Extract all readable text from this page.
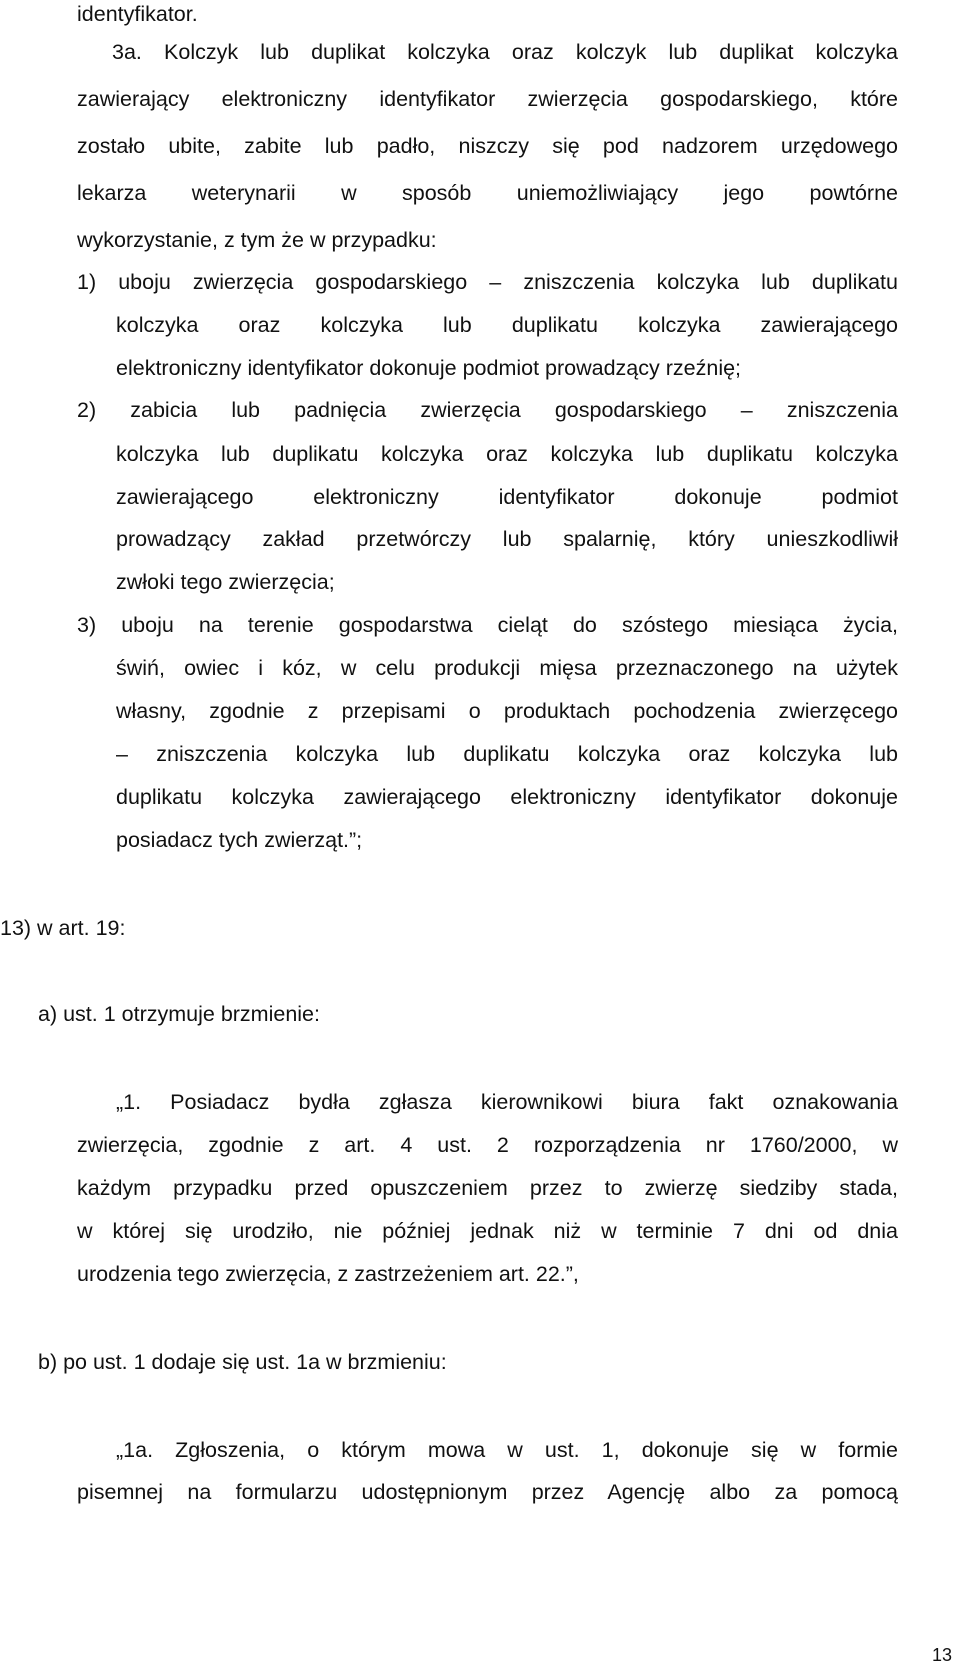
identyfikator.
3a. Kolczyk lub duplikat kolczyka oraz kolczyk lub duplikat kolczyka
zawierający elektroniczny identyfikator zwierzęcia gospodarskiego, które
zostało ubite, zabite lub padło, niszczy się pod nadzorem urzędowego
lekarza weterynarii w sposób uniemożliwiający jego powtórne
wykorzystanie, z tym że w przypadku:
1) uboju zwierzęcia gospodarskiego – zniszczenia kolczyka lub duplikatu
kolczyka oraz kolczyka lub duplikatu kolczyka zawierającego
elektroniczny identyfikator dokonuje podmiot prowadzący rzeźnię;
2) zabicia lub padnięcia zwierzęcia gospodarskiego – zniszczenia
kolczyka lub duplikatu kolczyka oraz kolczyka lub duplikatu kolczyka
zawierającego elektroniczny identyfikator dokonuje podmiot
prowadzący zakład przetwórczy lub spalarnię, który unieszkodliwił
zwłoki tego zwierzęcia;
3) uboju na terenie gospodarstwa cieląt do szóstego miesiąca życia,
świń, owiec i kóz, w celu produkcji mięsa przeznaczonego na użytek
własny, zgodnie z przepisami o produktach pochodzenia zwierzęcego
– zniszczenia kolczyka lub duplikatu kolczyka oraz kolczyka lub
duplikatu kolczyka zawierającego elektroniczny identyfikator dokonuje
posiadacz tych zwierząt.”;
13) w art. 19:
a) ust. 1 otrzymuje brzmienie:
„1. Posiadacz bydła zgłasza kierownikowi biura fakt oznakowania
zwierzęcia, zgodnie z art. 4 ust. 2 rozporządzenia nr 1760/2000, w
każdym przypadku przed opuszczeniem przez to zwierzę siedziby stada,
w której się urodziło, nie później jednak niż w terminie 7 dni od dnia
urodzenia tego zwierzęcia, z zastrzeżeniem art. 22.”,
b) po ust. 1 dodaje się ust. 1a w brzmieniu:
„1a. Zgłoszenia, o którym mowa w ust. 1, dokonuje się w formie
pisemnej na formularzu udostępnionym przez Agencję albo za pomocą
13
